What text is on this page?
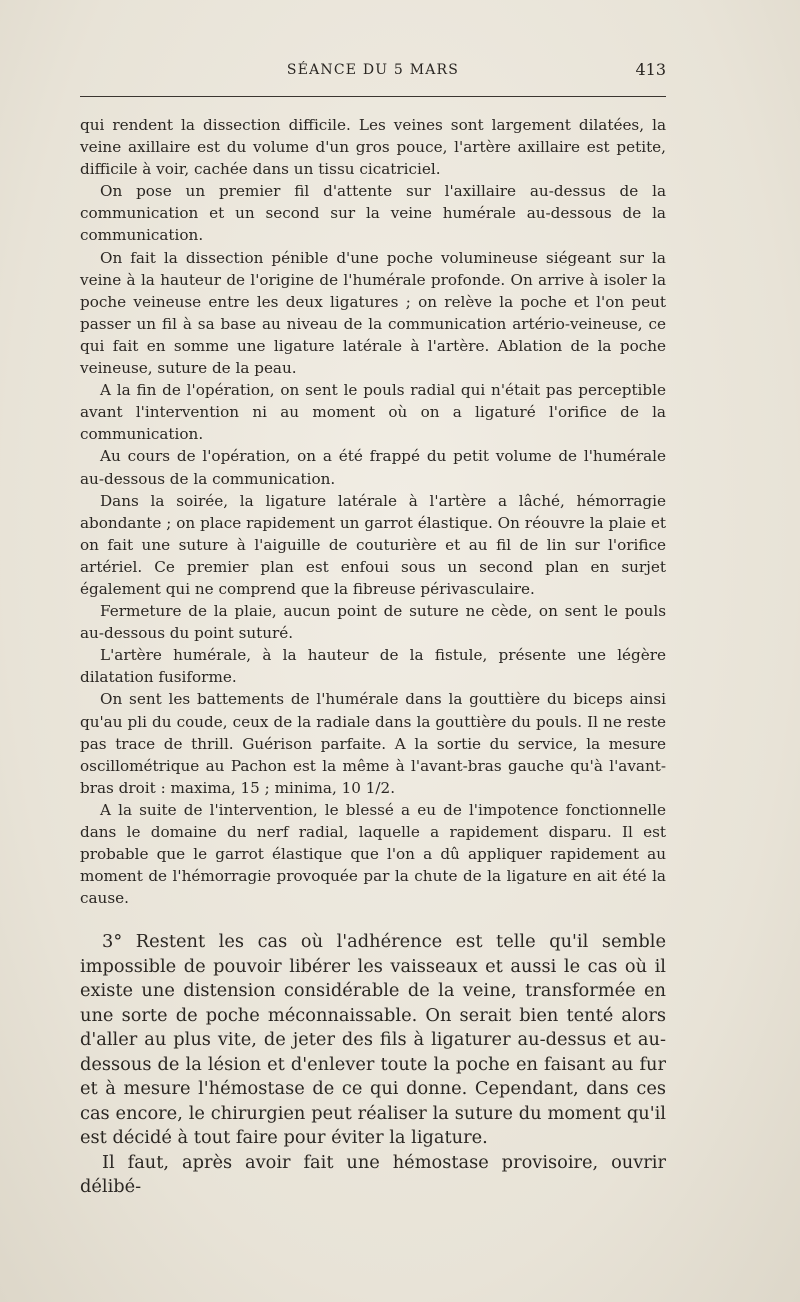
SÉANCE DU 5 MARS	413

qui rendent la dissection difficile. Les veines sont largement dilatées, la veine axillaire est du volume d'un gros pouce, l'artère axillaire est petite, difficile à voir, cachée dans un tissu cicatriciel.

On pose un premier fil d'attente sur l'axillaire au-dessus de la communication et un second sur la veine humérale au-dessous de la communication.

On fait la dissection pénible d'une poche volumineuse siégeant sur la veine à la hauteur de l'origine de l'humérale profonde. On arrive à isoler la poche veineuse entre les deux ligatures ; on relève la poche et l'on peut passer un fil à sa base au niveau de la communication artério-veineuse, ce qui fait en somme une ligature latérale à l'artère. Ablation de la poche veineuse, suture de la peau.

A la fin de l'opération, on sent le pouls radial qui n'était pas perceptible avant l'intervention ni au moment où on a ligaturé l'orifice de la communication.

Au cours de l'opération, on a été frappé du petit volume de l'humérale au-dessous de la communication.

Dans la soirée, la ligature latérale à l'artère a lâché, hémorragie abondante ; on place rapidement un garrot élastique. On réouvre la plaie et on fait une suture à l'aiguille de couturière et au fil de lin sur l'orifice artériel. Ce premier plan est enfoui sous un second plan en surjet également qui ne comprend que la fibreuse périvasculaire.

Fermeture de la plaie, aucun point de suture ne cède, on sent le pouls au-dessous du point suturé.

L'artère humérale, à la hauteur de la fistule, présente une légère dilatation fusiforme.

On sent les battements de l'humérale dans la gouttière du biceps ainsi qu'au pli du coude, ceux de la radiale dans la gouttière du pouls. Il ne reste pas trace de thrill. Guérison parfaite. A la sortie du service, la mesure oscillométrique au Pachon est la même à l'avant-bras gauche qu'à l'avant-bras droit : maxima, 15 ; minima, 10 1/2.

A la suite de l'intervention, le blessé a eu de l'impotence fonctionnelle dans le domaine du nerf radial, laquelle a rapidement disparu. Il est probable que le garrot élastique que l'on a dû appliquer rapidement au moment de l'hémorragie provoquée par la chute de la ligature en ait été la cause.

3° Restent les cas où l'adhérence est telle qu'il semble impossible de pouvoir libérer les vaisseaux et aussi le cas où il existe une distension considérable de la veine, transformée en une sorte de poche méconnaissable. On serait bien tenté alors d'aller au plus vite, de jeter des fils à ligaturer au-dessus et au-dessous de la lésion et d'enlever toute la poche en faisant au fur et à mesure l'hémostase de ce qui donne. Cependant, dans ces cas encore, le chirurgien peut réaliser la suture du moment qu'il est décidé à tout faire pour éviter la ligature.

Il faut, après avoir fait une hémostase provisoire, ouvrir délibé-
